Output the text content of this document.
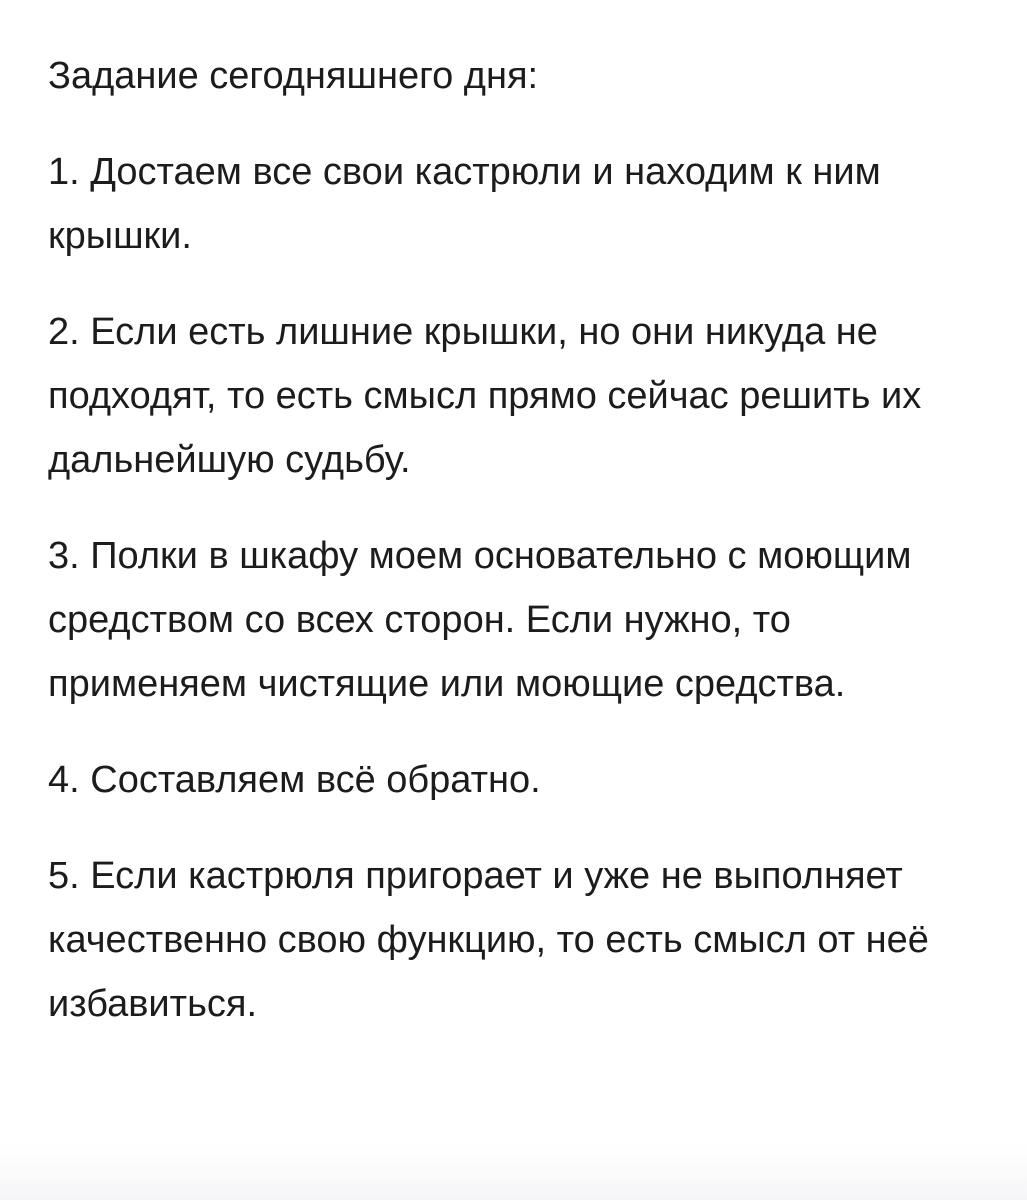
Задание сегодняшнего дня:

1. Достаем все свои кастрюли и находим к ним крышки.

2. Если есть лишние крышки, но они никуда не подходят, то есть смысл прямо сейчас решить их дальнейшую судьбу.

3. Полки в шкафу моем основательно с моющим средством со всех сторон. Если нужно, то применяем чистящие или моющие средства.

4. Составляем всё обратно.

5. Если кастрюля пригорает и уже не выполняет качественно свою функцию, то есть смысл от неё избавиться.
